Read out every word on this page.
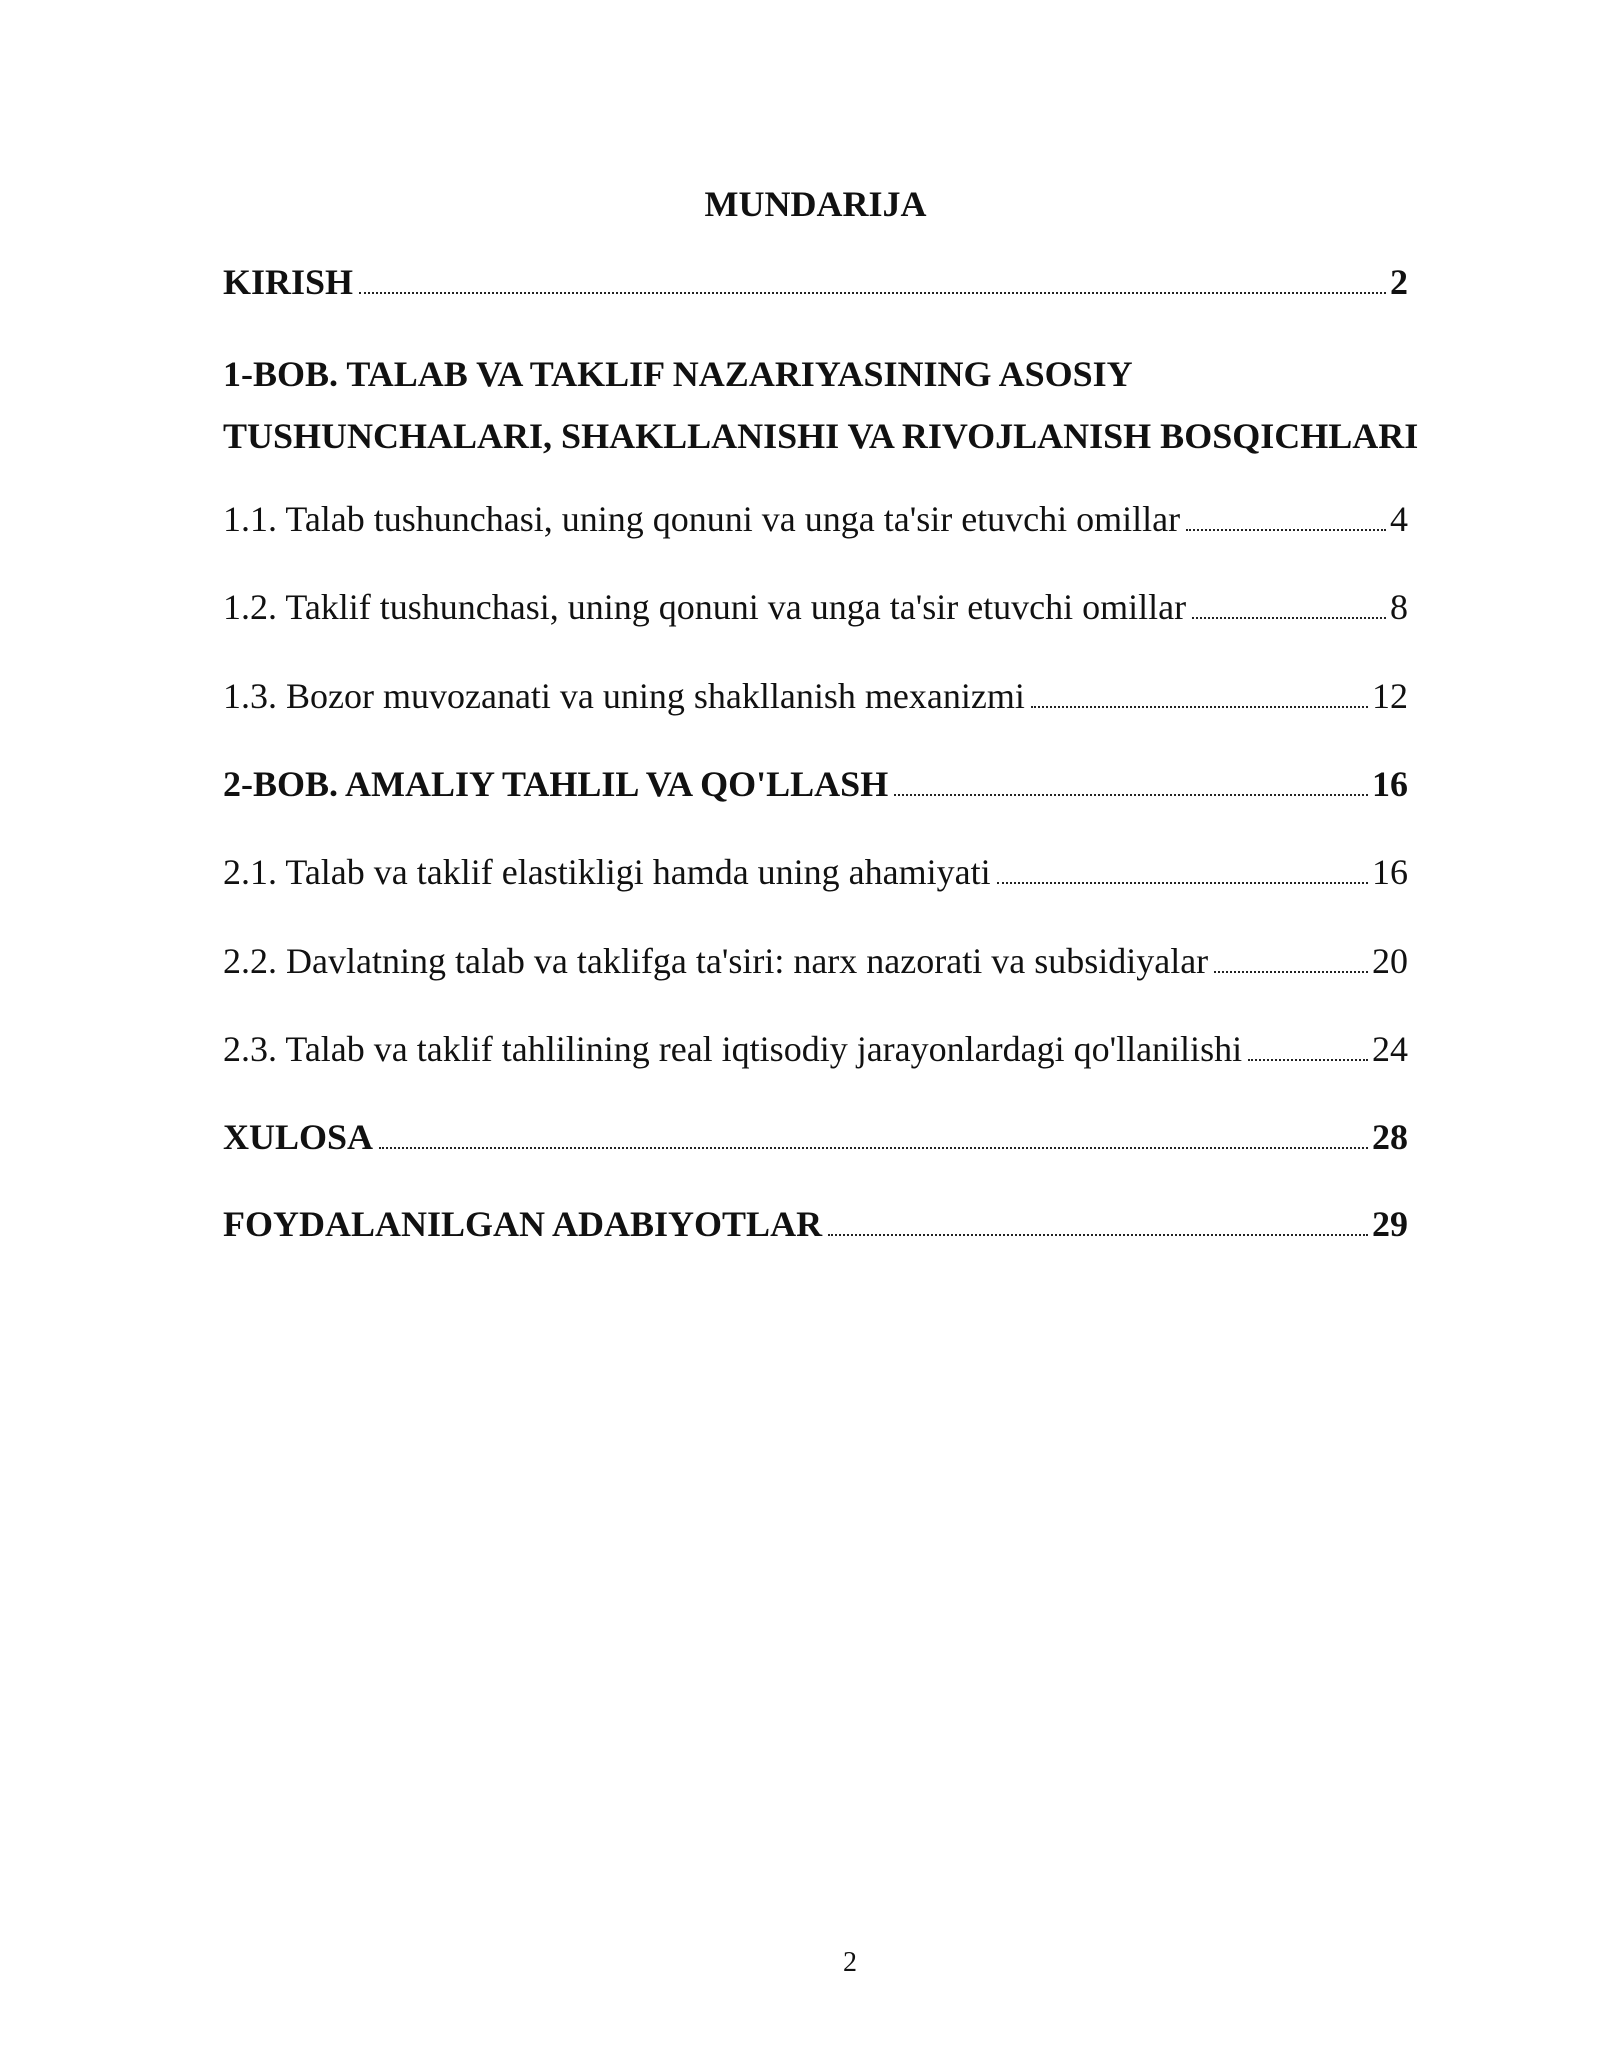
MUNDARIJA
KIRISH	2
1-BOB. TALAB VA TAKLIF NAZARIYASINING ASOSIY
TUSHUNCHALARI, SHAKLLANISHI VA RIVOJLANISH BOSQICHLARI
1.1. Talab tushunchasi, uning qonuni va unga ta'sir etuvchi omillar	4
1.2. Taklif tushunchasi, uning qonuni va unga ta'sir etuvchi omillar	8
1.3. Bozor muvozanati va uning shakllanish mexanizmi	12
2-BOB. AMALIY TAHLIL VA QO'LLASH	16
2.1. Talab va taklif elastikligi hamda uning ahamiyati	16
2.2. Davlatning talab va taklifga ta'siri: narx nazorati va subsidiyalar	20
2.3. Talab va taklif tahlilining real iqtisodiy jarayonlardagi qo'llanilishi	24
XULOSA	28
FOYDALANILGAN ADABIYOTLAR	29
2
